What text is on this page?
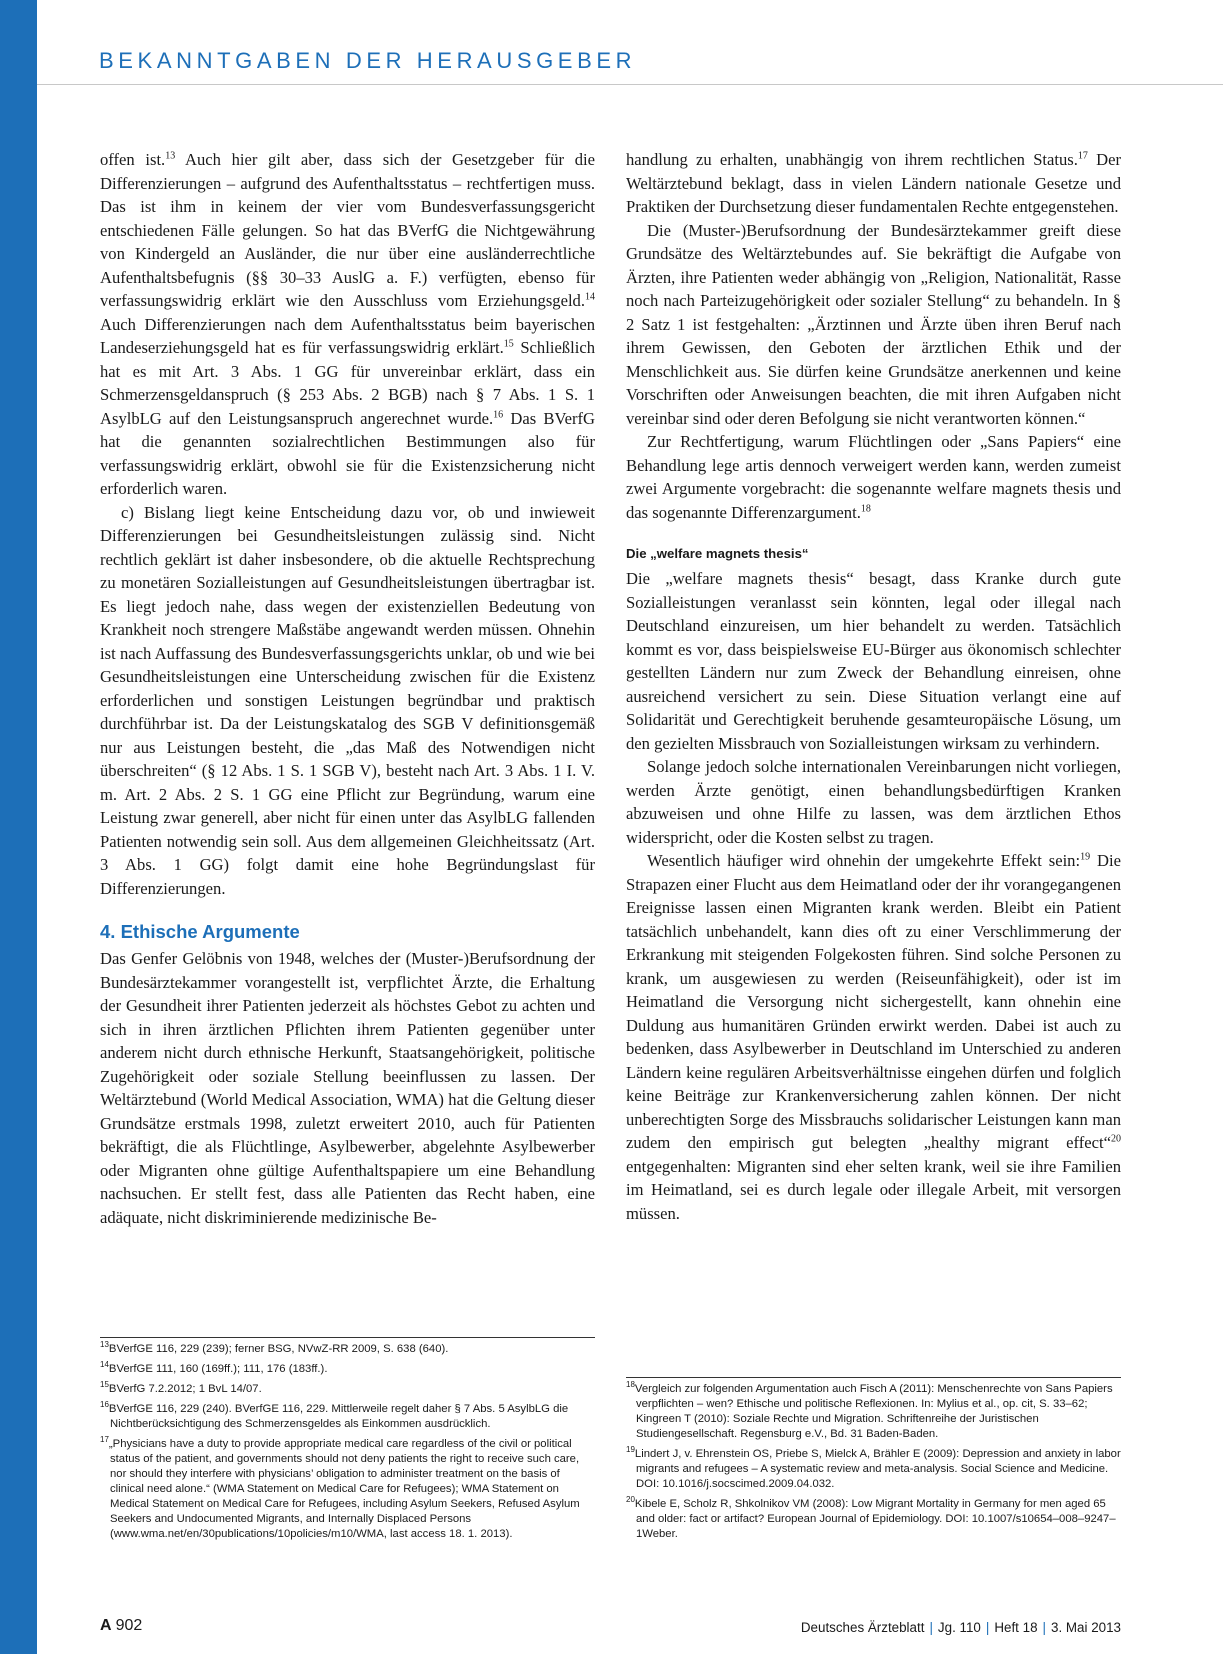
BEKANNTGABEN DER HERAUSGEBER

offen ist.$^{13}$ Auch hier gilt aber, dass sich der Gesetzgeber für die Differenzierungen – aufgrund des Aufenthaltsstatus – rechtfertigen muss. Das ist ihm in keinem der vier vom Bundesverfassungsgericht entschiedenen Fälle gelungen. So hat das BVerfG die Nichtgewährung von Kindergeld an Ausländer, die nur über eine ausländerrechtliche Aufenthaltsbefugnis (§§ 30–33 AuslG a. F.) verfügten, ebenso für verfassungswidrig erklärt wie den Ausschluss vom Erziehungsgeld.$^{14}$ Auch Differenzierungen nach dem Aufenthaltsstatus beim bayerischen Landeserziehungsgeld hat es für verfassungswidrig erklärt.$^{15}$ Schließlich hat es mit Art. 3 Abs. 1 GG für unvereinbar erklärt, dass ein Schmerzensgeldanspruch (§ 253 Abs. 2 BGB) nach § 7 Abs. 1 S. 1 AsylbLG auf den Leistungsanspruch angerechnet wurde.$^{16}$ Das BVerfG hat die genannten sozialrechtlichen Bestimmungen also für verfassungswidrig erklärt, obwohl sie für die Existenzsicherung nicht erforderlich waren.

c) Bislang liegt keine Entscheidung dazu vor, ob und inwieweit Differenzierungen bei Gesundheitsleistungen zulässig sind. Nicht rechtlich geklärt ist daher insbesondere, ob die aktuelle Rechtsprechung zu monetären Sozialleistungen auf Gesundheitsleistungen übertragbar ist. Es liegt jedoch nahe, dass wegen der existenziellen Bedeutung von Krankheit noch strengere Maßstäbe angewandt werden müssen. Ohnehin ist nach Auffassung des Bundesverfassungsgerichts unklar, ob und wie bei Gesundheitsleistungen eine Unterscheidung zwischen für die Existenz erforderlichen und sonstigen Leistungen begründbar und praktisch durchführbar ist. Da der Leistungskatalog des SGB V definitionsgemäß nur aus Leistungen besteht, die „das Maß des Notwendigen nicht überschreiten“ (§ 12 Abs. 1 S. 1 SGB V), besteht nach Art. 3 Abs. 1 I. V. m. Art. 2 Abs. 2 S. 1 GG eine Pflicht zur Begründung, warum eine Leistung zwar generell, aber nicht für einen unter das AsylbLG fallenden Patienten notwendig sein soll. Aus dem allgemeinen Gleichheitssatz (Art. 3 Abs. 1 GG) folgt damit eine hohe Begründungslast für Differenzierungen.

4. Ethische Argumente

Das Genfer Gelöbnis von 1948, welches der (Muster-)Berufsordnung der Bundesärztekammer vorangestellt ist, verpflichtet Ärzte, die Erhaltung der Gesundheit ihrer Patienten jederzeit als höchstes Gebot zu achten und sich in ihren ärztlichen Pflichten ihrem Patienten gegenüber unter anderem nicht durch ethnische Herkunft, Staatsangehörigkeit, politische Zugehörigkeit oder soziale Stellung beeinflussen zu lassen. Der Weltärztebund (World Medical Association, WMA) hat die Geltung dieser Grundsätze erstmals 1998, zuletzt erweitert 2010, auch für Patienten bekräftigt, die als Flüchtlinge, Asylbewerber, abgelehnte Asylbewerber oder Migranten ohne gültige Aufenthaltspapiere um eine Behandlung nachsuchen. Er stellt fest, dass alle Patienten das Recht haben, eine adäquate, nicht diskriminierende medizinische Be-

handlung zu erhalten, unabhängig von ihrem rechtlichen Status.$^{17}$ Der Weltärztebund beklagt, dass in vielen Ländern nationale Gesetze und Praktiken der Durchsetzung dieser fundamentalen Rechte entgegenstehen.

Die (Muster-)Berufsordnung der Bundesärztekammer greift diese Grundsätze des Weltärztebundes auf. Sie bekräftigt die Aufgabe von Ärzten, ihre Patienten weder abhängig von „Religion, Nationalität, Rasse noch nach Parteizugehörigkeit oder sozialer Stellung“ zu behandeln. In § 2 Satz 1 ist festgehalten: „Ärztinnen und Ärzte üben ihren Beruf nach ihrem Gewissen, den Geboten der ärztlichen Ethik und der Menschlichkeit aus. Sie dürfen keine Grundsätze anerkennen und keine Vorschriften oder Anweisungen beachten, die mit ihren Aufgaben nicht vereinbar sind oder deren Befolgung sie nicht verantworten können.“

Zur Rechtfertigung, warum Flüchtlingen oder „Sans Papiers“ eine Behandlung lege artis dennoch verweigert werden kann, werden zumeist zwei Argumente vorgebracht: die sogenannte welfare magnets thesis und das sogenannte Differenzargument.$^{18}$

Die „welfare magnets thesis“

Die „welfare magnets thesis“ besagt, dass Kranke durch gute Sozialleistungen veranlasst sein könnten, legal oder illegal nach Deutschland einzureisen, um hier behandelt zu werden. Tatsächlich kommt es vor, dass beispielsweise EU-Bürger aus ökonomisch schlechter gestellten Ländern nur zum Zweck der Behandlung einreisen, ohne ausreichend versichert zu sein. Diese Situation verlangt eine auf Solidarität und Gerechtigkeit beruhende gesamteuropäische Lösung, um den gezielten Missbrauch von Sozialleistungen wirksam zu verhindern.

Solange jedoch solche internationalen Vereinbarungen nicht vorliegen, werden Ärzte genötigt, einen behandlungsbedürftigen Kranken abzuweisen und ohne Hilfe zu lassen, was dem ärztlichen Ethos widerspricht, oder die Kosten selbst zu tragen.

Wesentlich häufiger wird ohnehin der umgekehrte Effekt sein:$^{19}$ Die Strapazen einer Flucht aus dem Heimatland oder der ihr vorangegangenen Ereignisse lassen einen Migranten krank werden. Bleibt ein Patient tatsächlich unbehandelt, kann dies oft zu einer Verschlimmerung der Erkrankung mit steigenden Folgekosten führen. Sind solche Personen zu krank, um ausgewiesen zu werden (Reiseunfähigkeit), oder ist im Heimatland die Versorgung nicht sichergestellt, kann ohnehin eine Duldung aus humanitären Gründen erwirkt werden. Dabei ist auch zu bedenken, dass Asylbewerber in Deutschland im Unterschied zu anderen Ländern keine regulären Arbeitsverhältnisse eingehen dürfen und folglich keine Beiträge zur Krankenversicherung zahlen können. Der nicht unberechtigten Sorge des Missbrauchs solidarischer Leistungen kann man zudem den empirisch gut belegten „healthy migrant effect“$^{20}$ entgegenhalten: Migranten sind eher selten krank, weil sie ihre Familien im Heimatland, sei es durch legale oder illegale Arbeit, mit versorgen müssen.

$^{13}$BVerfGE 116, 229 (239); ferner BSG, NVwZ-RR 2009, S. 638 (640).
$^{14}$BVerfGE 111, 160 (169ff.); 111, 176 (183ff.).
$^{15}$BVerfG 7.2.2012; 1 BvL 14/07.
$^{16}$BVerfGE 116, 229 (240). BVerfGE 116, 229. Mittlerweile regelt daher § 7 Abs. 5 AsylbLG die Nichtberücksichtigung des Schmerzensgeldes als Einkommen ausdrücklich.
$^{17}$„Physicians have a duty to provide appropriate medical care regardless of the civil or political status of the patient, and governments should not deny patients the right to receive such care, nor should they interfere with physicians’ obligation to administer treatment on the basis of clinical need alone.“ (WMA Statement on Medical Care for Refugees); WMA Statement on Medical Statement on Medical Care for Refugees, including Asylum Seekers, Refused Asylum Seekers and Undocumented Migrants, and Internally Displaced Persons (www.wma.net/en/30publications/10policies/m10/WMA, last access 18. 1. 2013).
$^{18}$Vergleich zur folgenden Argumentation auch Fisch A (2011): Menschenrechte von Sans Papiers verpflichten – wen? Ethische und politische Reflexionen. In: Mylius et al., op. cit, S. 33–62; Kingreen T (2010): Soziale Rechte und Migration. Schriftenreihe der Juristischen Studiengesellschaft. Regensburg e.V., Bd. 31 Baden-Baden.
$^{19}$Lindert J, v. Ehrenstein OS, Priebe S, Mielck A, Brähler E (2009): Depression and anxiety in labor migrants and refugees – A systematic review and meta-analysis. Social Science and Medicine. DOI: 10.1016/j.socscimed.2009.04.032.
$^{20}$Kibele E, Scholz R, Shkolnikov VM (2008): Low Migrant Mortality in Germany for men aged 65 and older: fact or artifact? European Journal of Epidemiology. DOI: 10.1007/s10654–008–9247–1Weber.
A 902	Deutsches Ärzteblatt | Jg. 110 | Heft 18 | 3. Mai 2013
